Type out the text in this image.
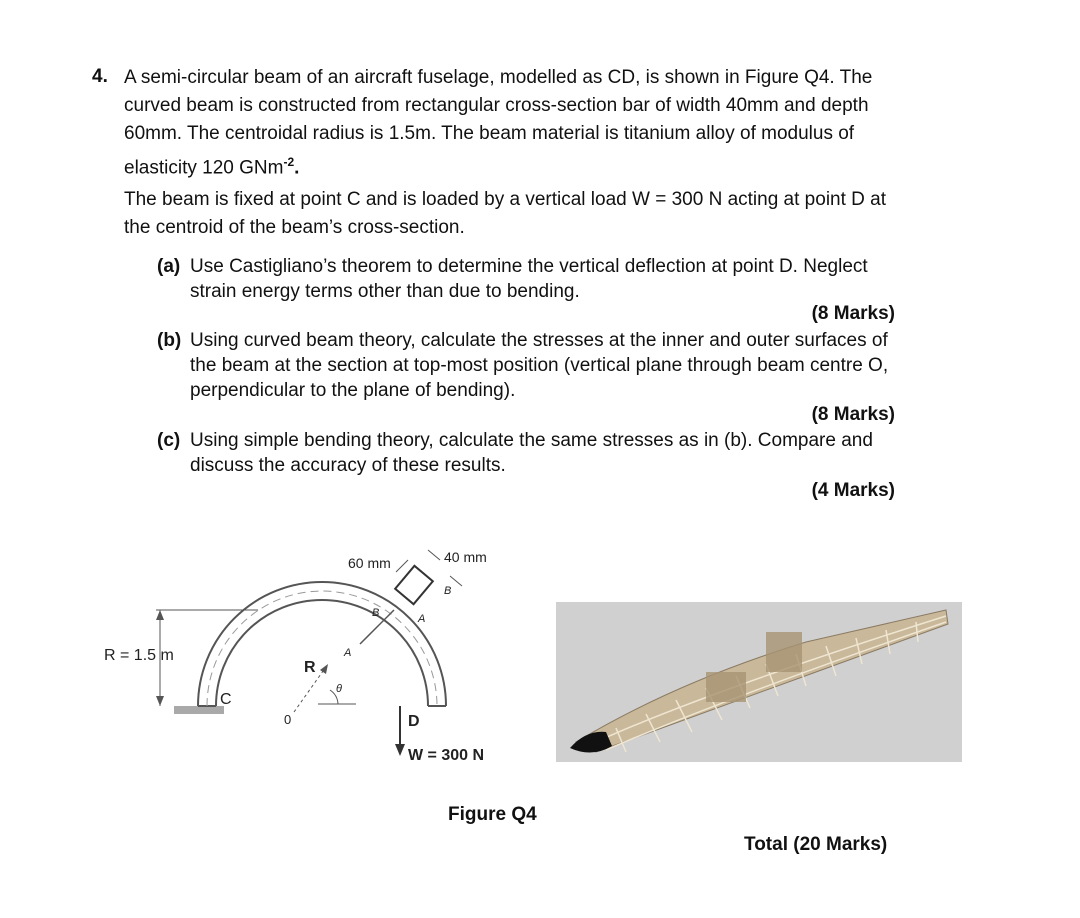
4. A semi-circular beam of an aircraft fuselage, modelled as CD, is shown in Figure Q4. The curved beam is constructed from rectangular cross-section bar of width 40mm and depth 60mm. The centroidal radius is 1.5m. The beam material is titanium alloy of modulus of elasticity 120 GNm$^{-2}$.

The beam is fixed at point C and is loaded by a vertical load W = 300 N acting at point D at the centroid of the beam’s cross-section.

(a) Use Castigliano’s theorem to determine the vertical deflection at point D. Neglect strain energy terms other than due to bending.
(8 Marks)
(b) Using curved beam theory, calculate the stresses at the inner and outer surfaces of the beam at the section at top-most position (vertical plane through beam centre O, perpendicular to the plane of bending).
(8 Marks)
(c) Using simple bending theory, calculate the same stresses as in (b). Compare and discuss the accuracy of these results.
(4 Marks)
R = 1.5 m
C
A
B
60 mm	40 mm
A
B
0
R
θ
D
W = 300 N
Figure Q4
Total (20 Marks)
